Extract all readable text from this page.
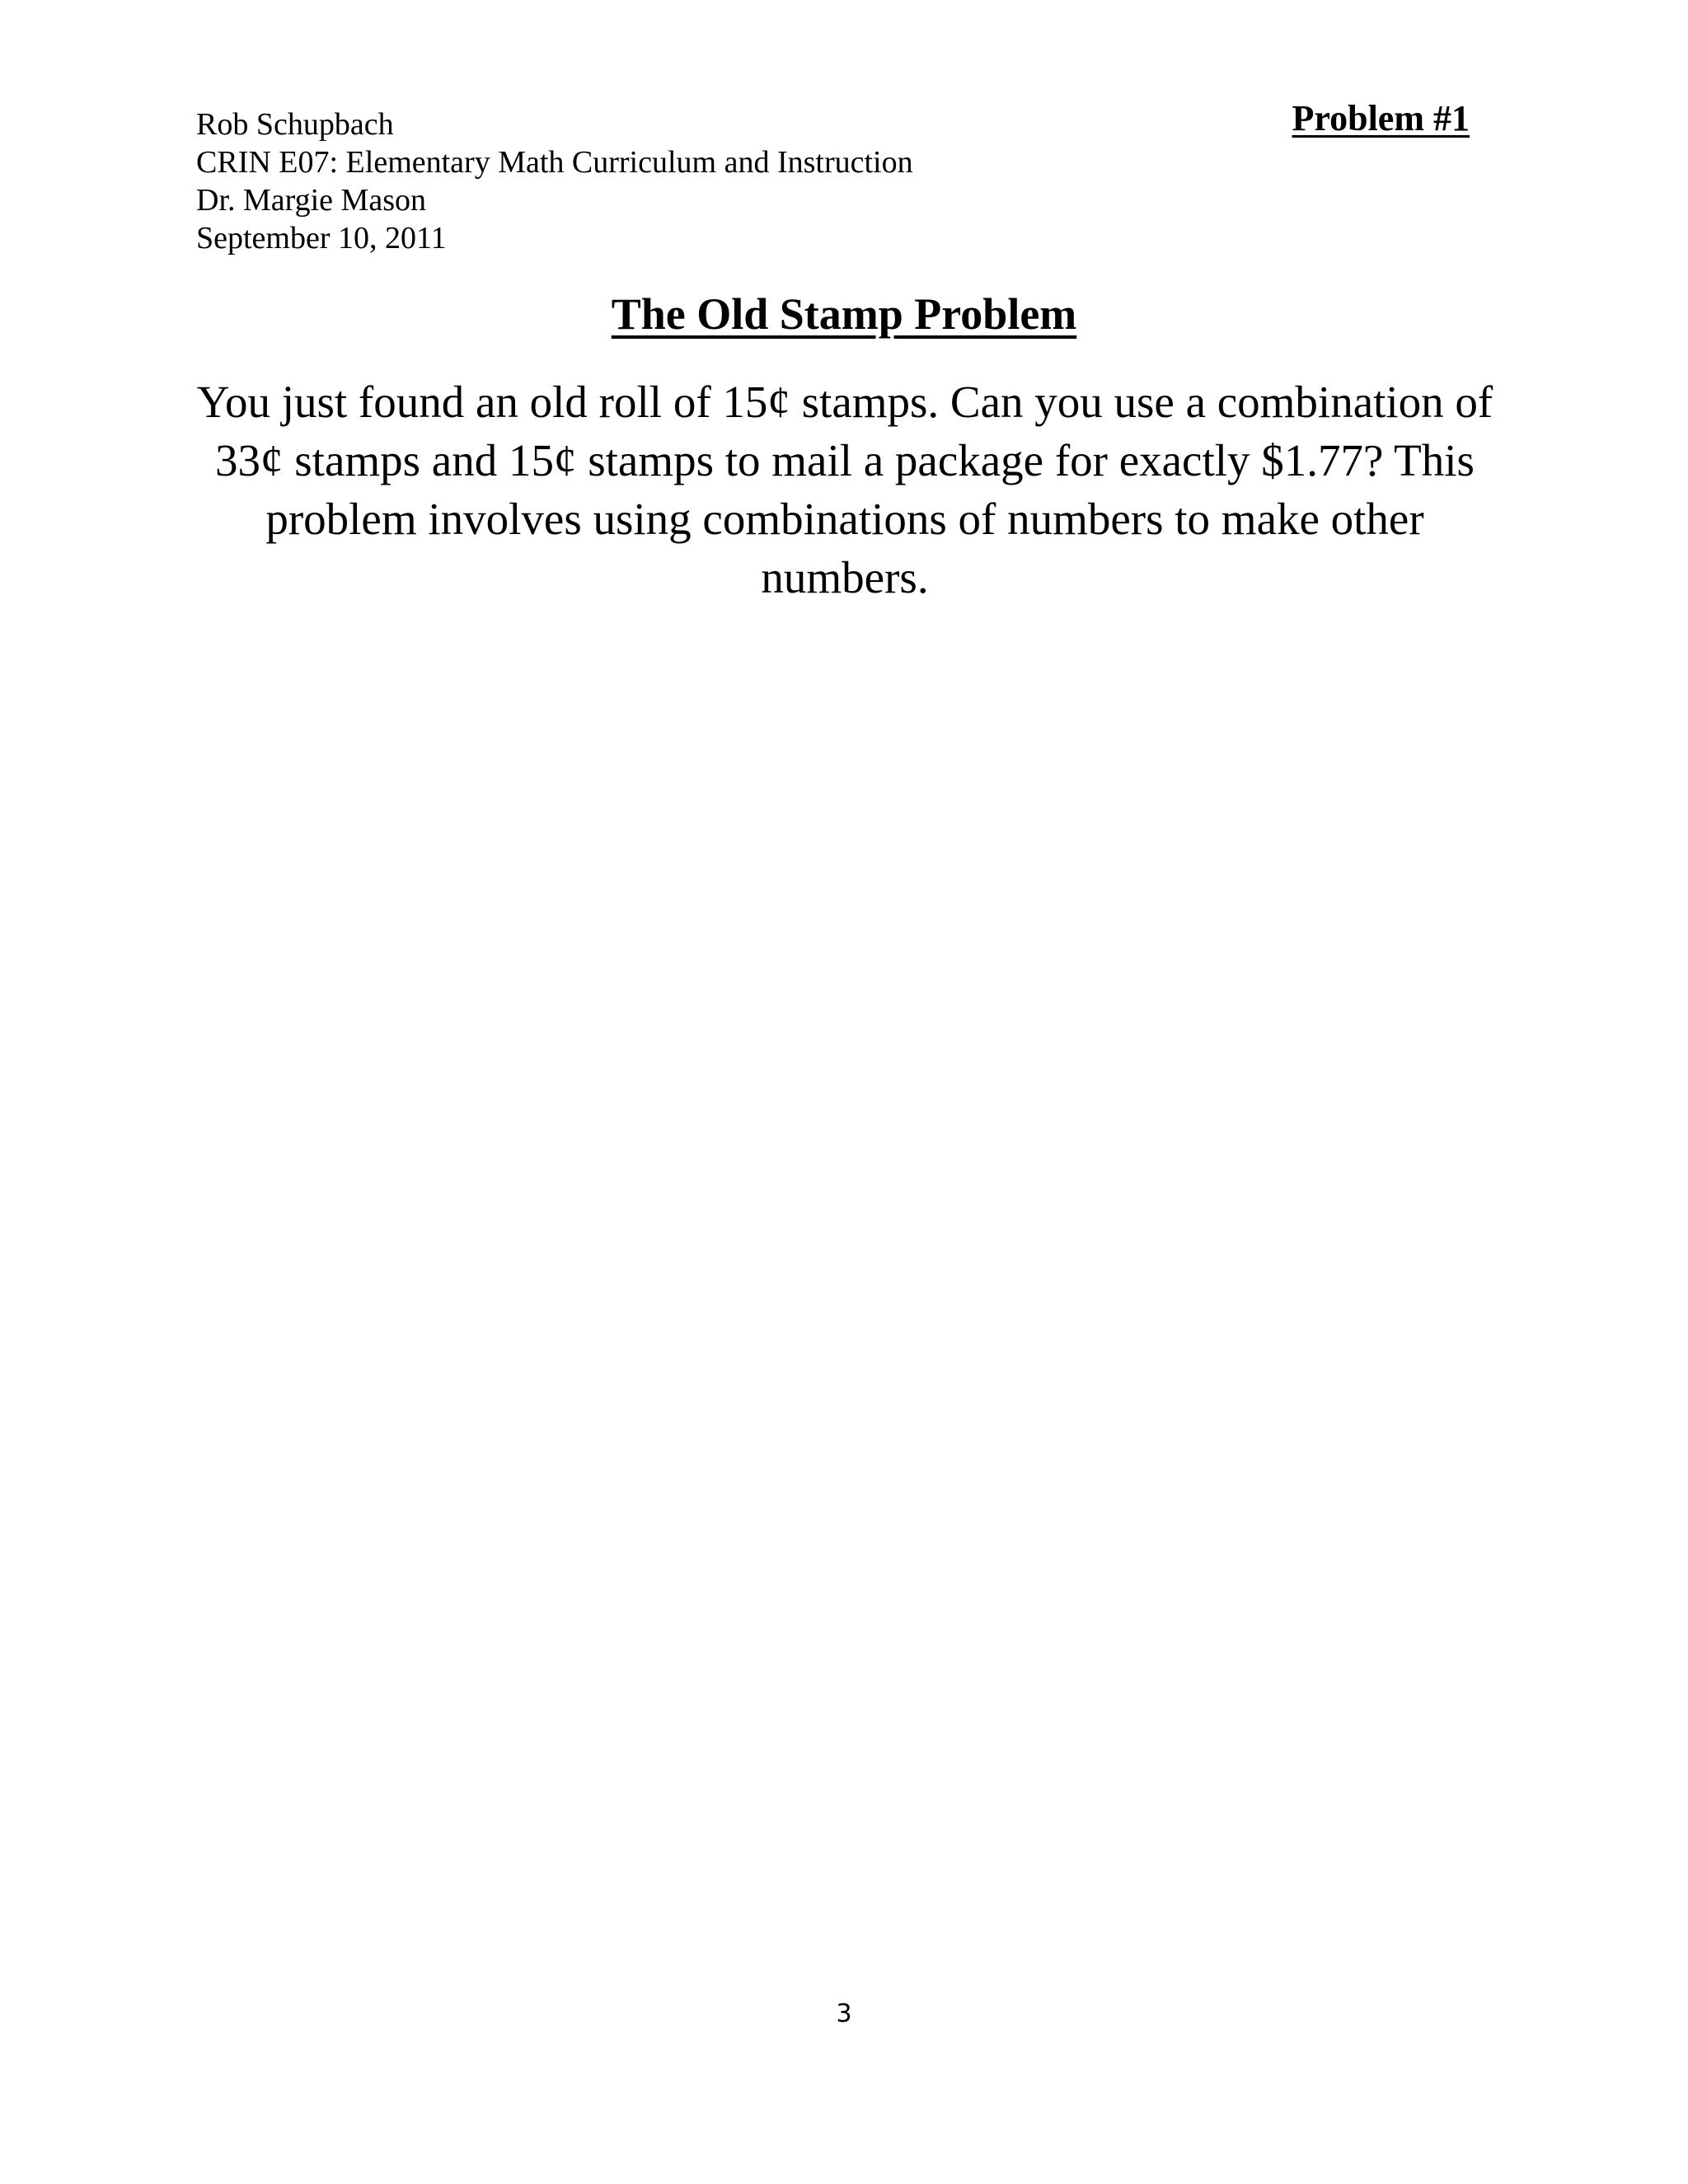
Rob Schupbach
CRIN E07: Elementary Math Curriculum and Instruction
Dr. Margie Mason
September 10, 2011
Problem #1
The Old Stamp Problem
You just found an old roll of 15¢ stamps. Can you use a combination of 33¢ stamps and 15¢ stamps to mail a package for exactly $1.77? This problem involves using combinations of numbers to make other numbers.
3
